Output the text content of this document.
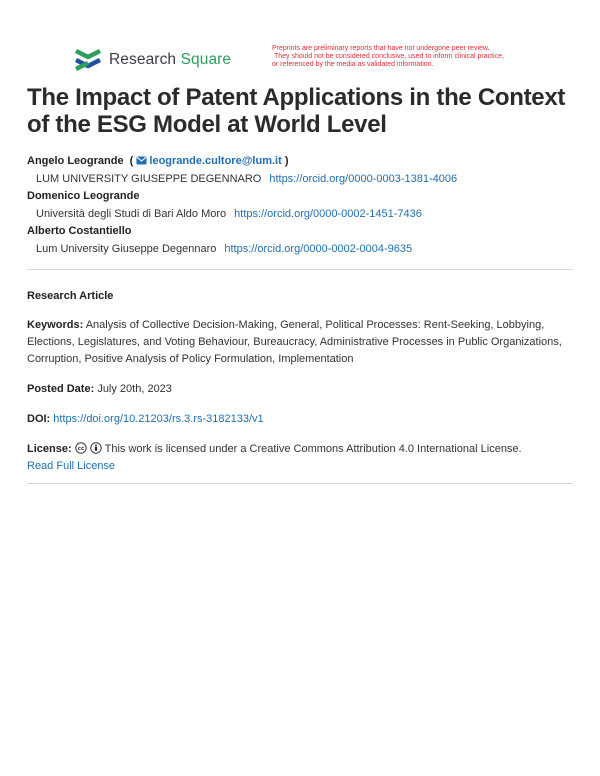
Research Square
Preprints are preliminary reports that have not undergone peer review.
They should not be considered conclusive, used to inform clinical practice,
or referenced by the media as validated information.
The Impact of Patent Applications in the Context of the ESG Model at World Level
Angelo Leogrande  ( leogrande.cultore@lum.it )
LUM UNIVERSITY GIUSEPPE DEGENNARO https://orcid.org/0000-0003-1381-4006
Domenico Leogrande
Università degli Studi di Bari Aldo Moro https://orcid.org/0000-0002-1451-7436
Alberto Costantiello
Lum University Giuseppe Degennaro https://orcid.org/0000-0002-0004-9635
Research Article
Keywords: Analysis of Collective Decision-Making, General, Political Processes: Rent-Seeking, Lobbying, Elections, Legislatures, and Voting Behaviour, Bureaucracy, Administrative Processes in Public Organizations, Corruption, Positive Analysis of Policy Formulation, Implementation
Posted Date: July 20th, 2023
DOI: https://doi.org/10.21203/rs.3.rs-3182133/v1
License: cc This work is licensed under a Creative Commons Attribution 4.0 International License.
Read Full License
